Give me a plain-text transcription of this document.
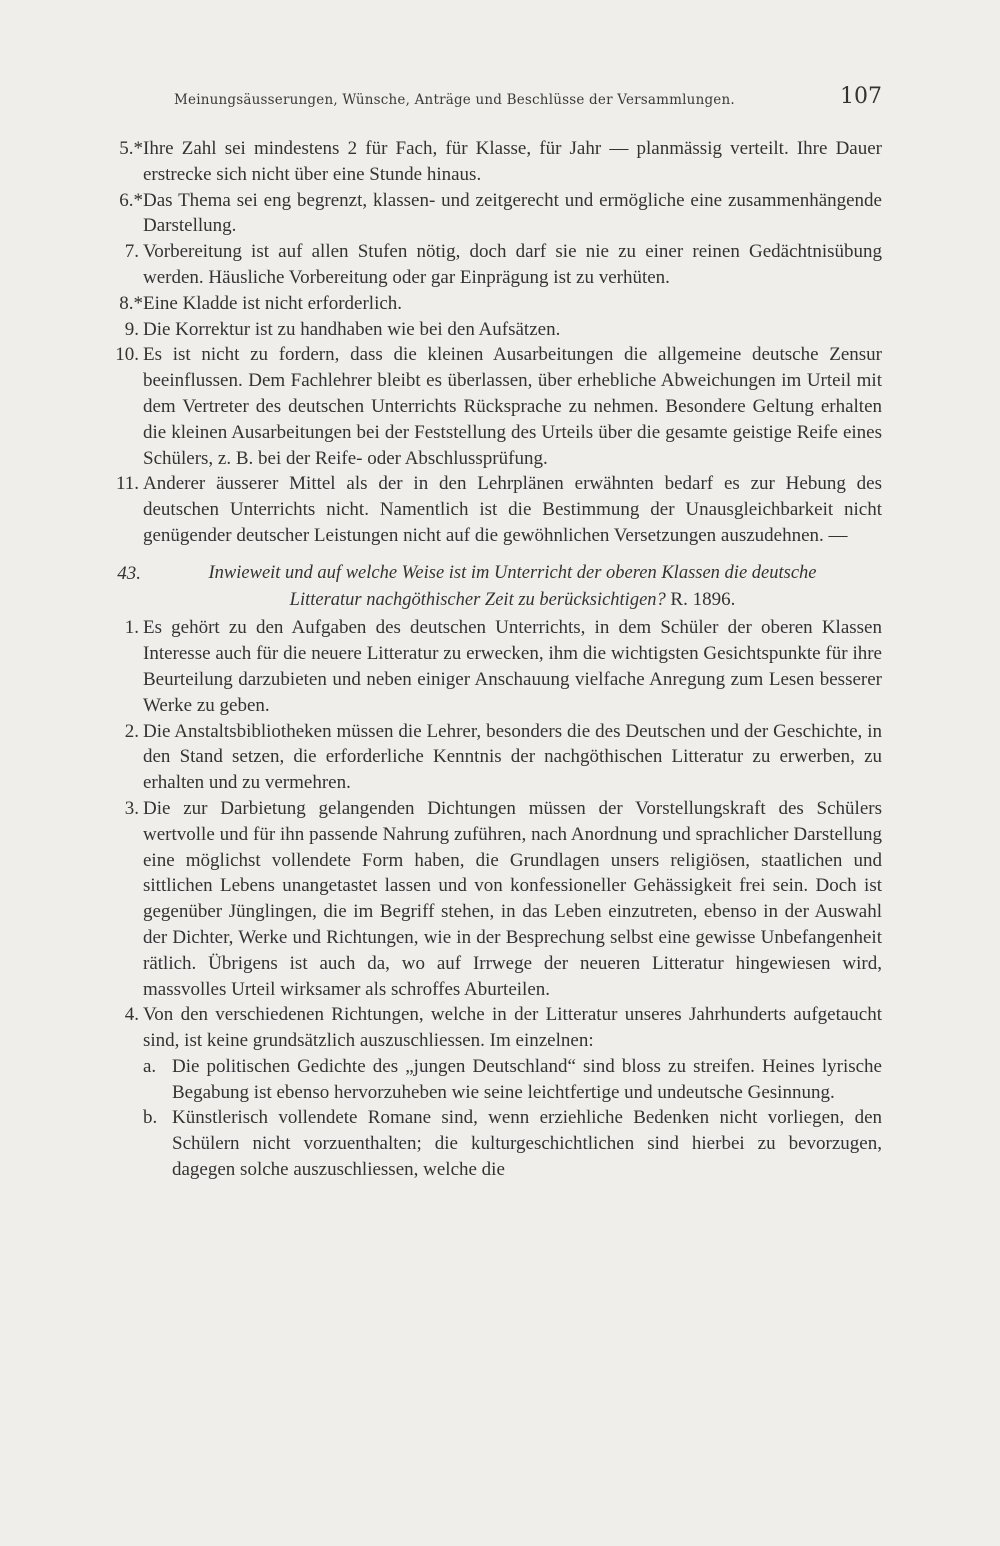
Meinungsäusserungen, Wünsche, Anträge und Beschlüsse der Versammlungen.	107
5.* Ihre Zahl sei mindestens 2 für Fach, für Klasse, für Jahr — planmässig verteilt. Ihre Dauer erstrecke sich nicht über eine Stunde hinaus.
6.* Das Thema sei eng begrenzt, klassen- und zeitgerecht und ermögliche eine zusammenhängende Darstellung.
7. Vorbereitung ist auf allen Stufen nötig, doch darf sie nie zu einer reinen Gedächtnisübung werden. Häusliche Vorbereitung oder gar Einprägung ist zu verhüten.
8.* Eine Kladde ist nicht erforderlich.
9. Die Korrektur ist zu handhaben wie bei den Aufsätzen.
10. Es ist nicht zu fordern, dass die kleinen Ausarbeitungen die allgemeine deutsche Zensur beeinflussen. Dem Fachlehrer bleibt es überlassen, über erhebliche Abweichungen im Urteil mit dem Vertreter des deutschen Unterrichts Rücksprache zu nehmen. Besondere Geltung erhalten die kleinen Ausarbeitungen bei der Feststellung des Urteils über die gesamte geistige Reife eines Schülers, z. B. bei der Reife- oder Abschlussprüfung.
11. Anderer äusserer Mittel als der in den Lehrplänen erwähnten bedarf es zur Hebung des deutschen Unterrichts nicht. Namentlich ist die Bestimmung der Unausgleichbarkeit nicht genügender deutscher Leistungen nicht auf die gewöhnlichen Versetzungen auszudehnen. —
43.	Inwieweit und auf welche Weise ist im Unterricht der oberen Klassen die deutsche
Litteratur nachgöthischer Zeit zu berücksichtigen? R. 1896.
1. Es gehört zu den Aufgaben des deutschen Unterrichts, in dem Schüler der oberen Klassen Interesse auch für die neuere Litteratur zu erwecken, ihm die wichtigsten Gesichtspunkte für ihre Beurteilung darzubieten und neben einiger Anschauung vielfache Anregung zum Lesen besserer Werke zu geben.
2. Die Anstaltsbibliotheken müssen die Lehrer, besonders die des Deutschen und der Geschichte, in den Stand setzen, die erforderliche Kenntnis der nachgöthischen Litteratur zu erwerben, zu erhalten und zu vermehren.
3. Die zur Darbietung gelangenden Dichtungen müssen der Vorstellungskraft des Schülers wertvolle und für ihn passende Nahrung zuführen, nach Anordnung und sprachlicher Darstellung eine möglichst vollendete Form haben, die Grundlagen unsers religiösen, staatlichen und sittlichen Lebens unangetastet lassen und von konfessioneller Gehässigkeit frei sein. Doch ist gegenüber Jünglingen, die im Begriff stehen, in das Leben einzutreten, ebenso in der Auswahl der Dichter, Werke und Richtungen, wie in der Besprechung selbst eine gewisse Unbefangenheit rätlich. Übrigens ist auch da, wo auf Irrwege der neueren Litteratur hingewiesen wird, massvolles Urteil wirksamer als schroffes Aburteilen.
4. Von den verschiedenen Richtungen, welche in der Litteratur unseres Jahrhunderts aufgetaucht sind, ist keine grundsätzlich auszuschliessen. Im einzelnen:
a. Die politischen Gedichte des „jungen Deutschland“ sind bloss zu streifen. Heines lyrische Begabung ist ebenso hervorzuheben wie seine leichtfertige und undeutsche Gesinnung.
b. Künstlerisch vollendete Romane sind, wenn erziehliche Bedenken nicht vorliegen, den Schülern nicht vorzuenthalten; die kulturgeschichtlichen sind hierbei zu bevorzugen, dagegen solche auszuschliessen, welche die
